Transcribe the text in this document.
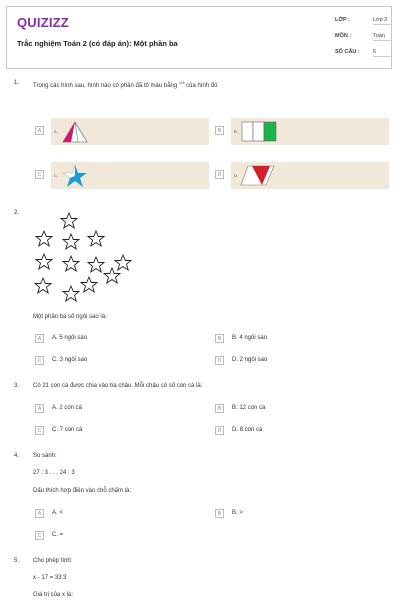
QUIZIZZ
Trắc nghiệm Toán 2 (có đáp án): Một phần ba
LỚP :	Lớp 2
MÔN :	Toán
SỐ CÂU : 6
1. Trong các hình sau, hình nào có phần đã tô màu bằng $^{1/3}$ của hình đó
A	A.	B	B.
C	C.	D	D.
2.
Một phần ba số ngôi sao là:
A	A. 5 ngôi sao	B	B. 4 ngôi sao
C	C. 3 ngôi sao	D	D. 2 ngôi sao
3. Có 21 con cá được chia vào ba chậu. Mỗi chậu có số con cá là:
A	A. 2 con cá	B	B. 12 con cá
C	C. 7 con cá	D	D. 8 con cá
4. So sánh:
27 : 3 . . . 24 : 3
Dấu thích hợp điền vào chỗ chấm là:
A	A. <	B	B. >
C	C. =
5. Cho phép tính:
x - 17 = 33:3
Giá trị của x là:
